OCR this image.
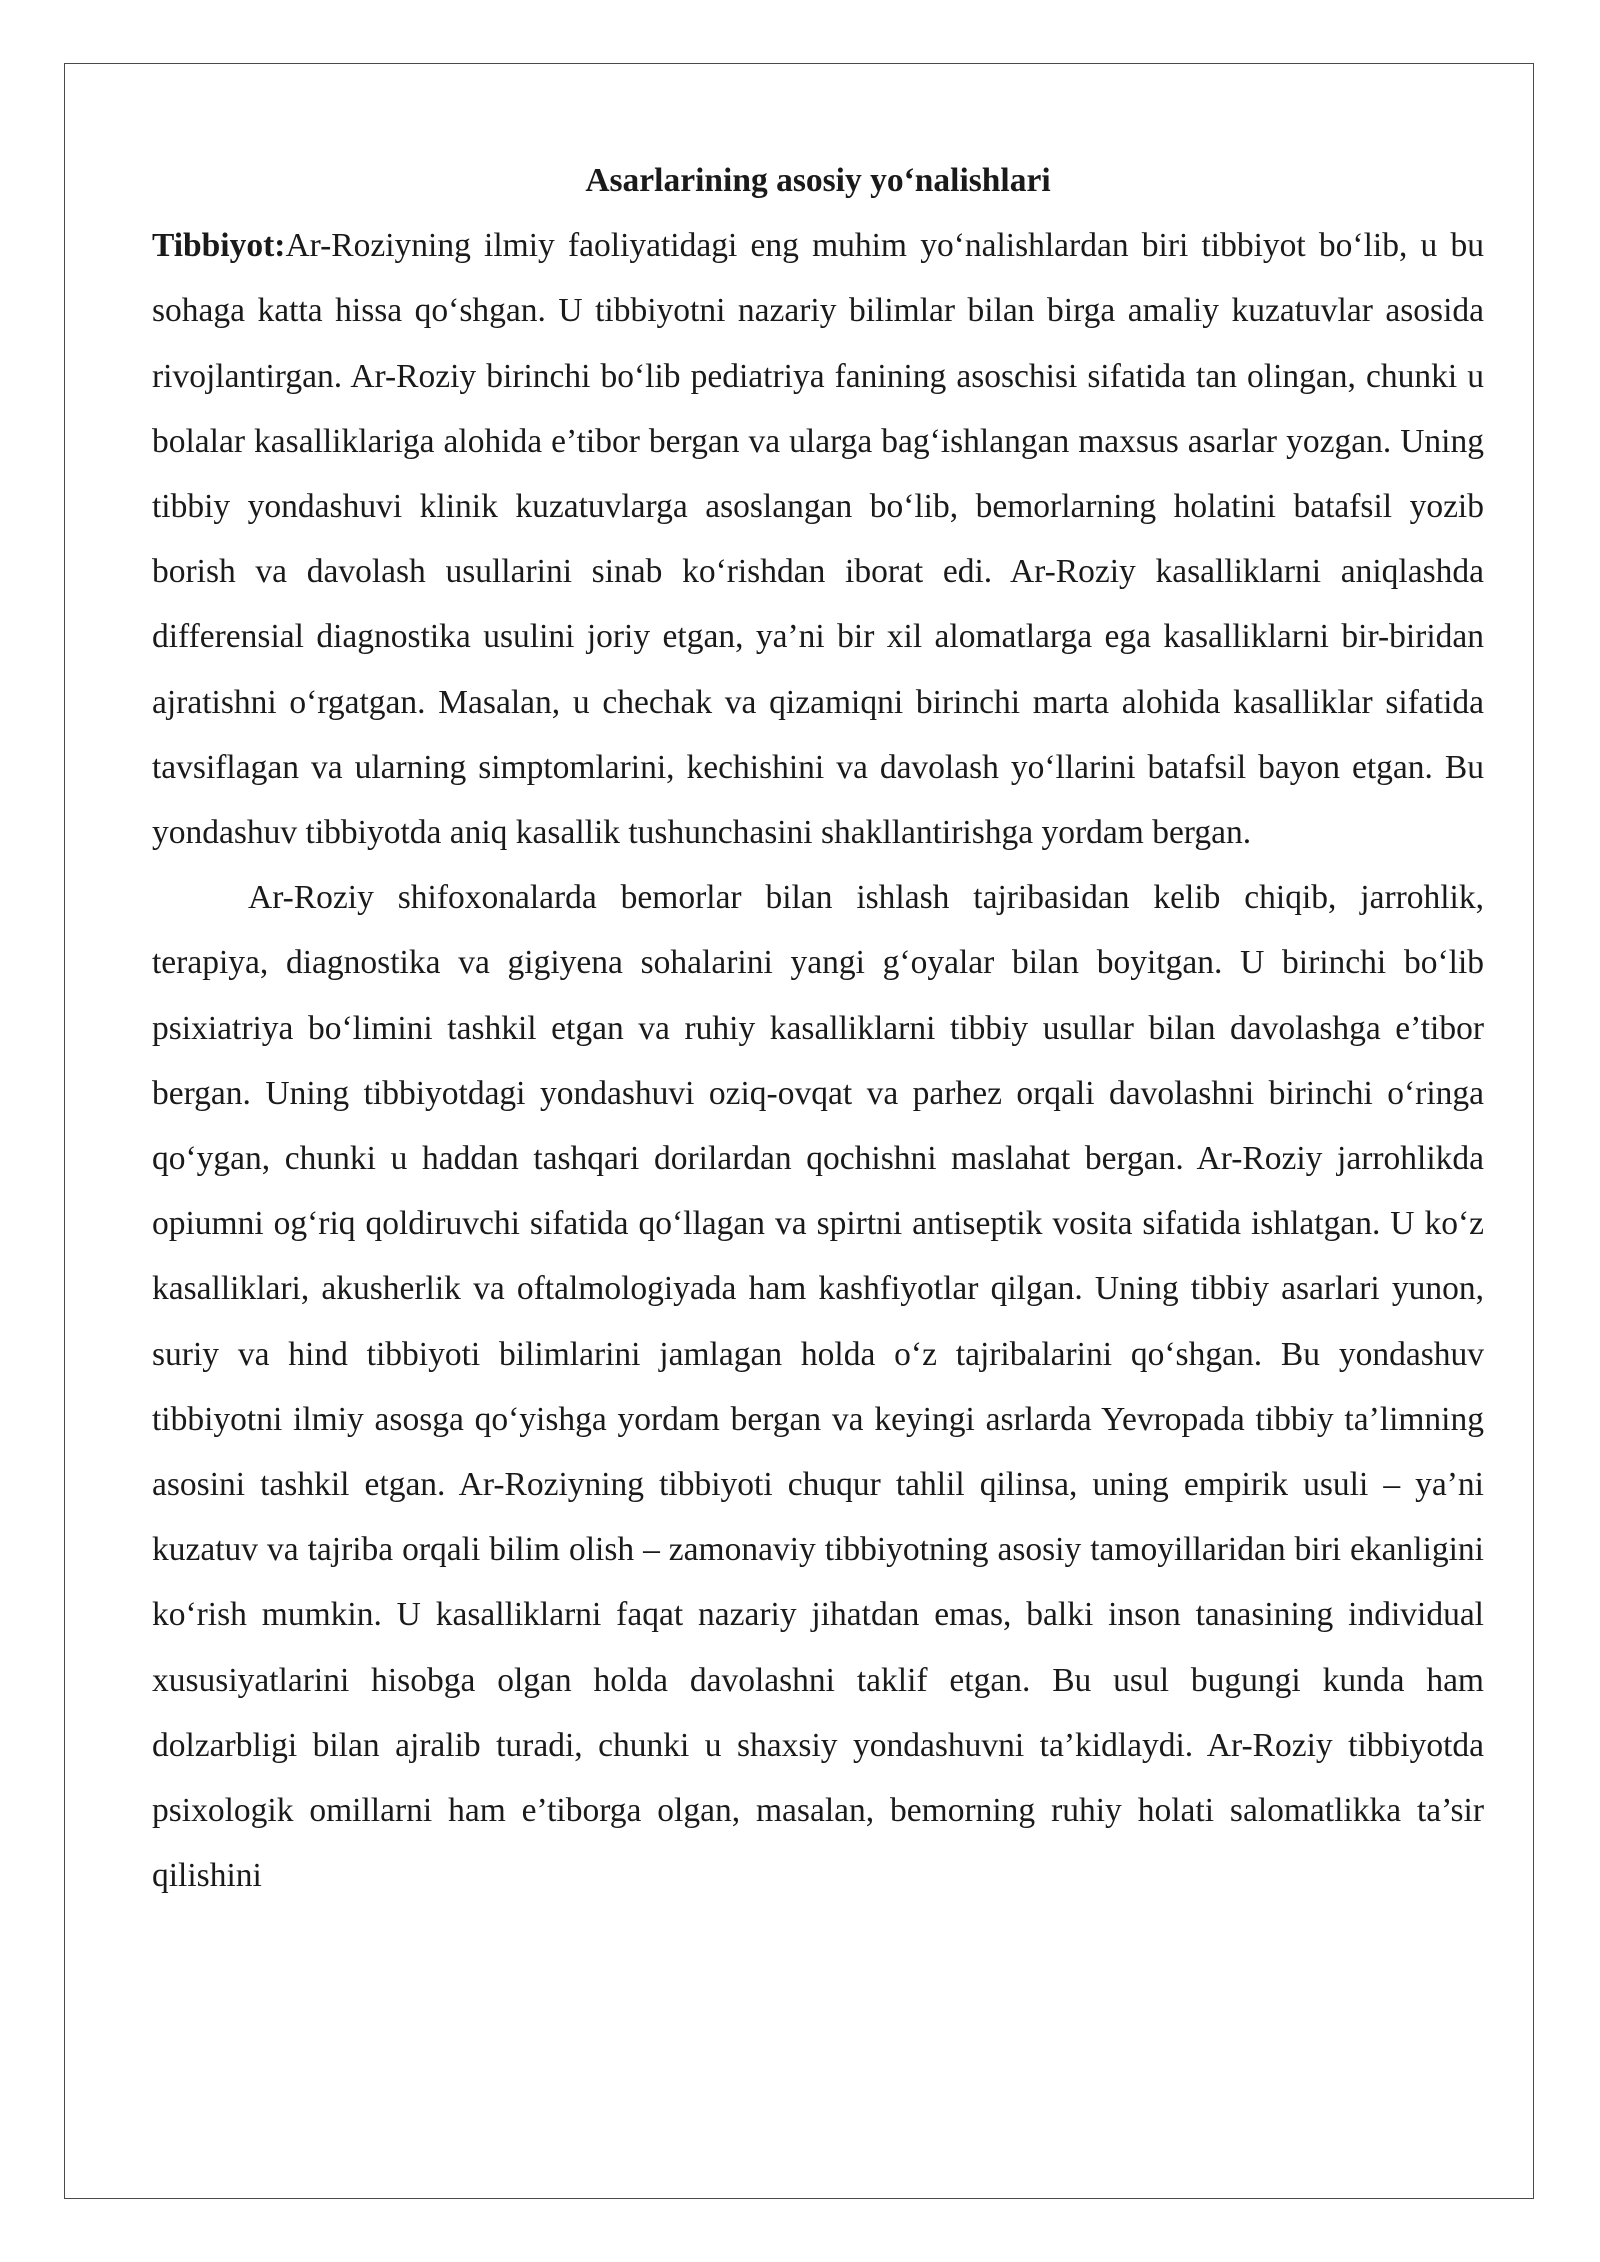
Asarlarining asosiy yo‘nalishlari

Tibbiyot:Ar-Roziyning ilmiy faoliyatidagi eng muhim yo‘nalishlardan biri tibbiyot bo‘lib, u bu sohaga katta hissa qo‘shgan. U tibbiyotni nazariy bilimlar bilan birga amaliy kuzatuvlar asosida rivojlantirgan. Ar-Roziy birinchi bo‘lib pediatriya fanining asoschisi sifatida tan olingan, chunki u bolalar kasalliklariga alohida e’tibor bergan va ularga bag‘ishlangan maxsus asarlar yozgan. Uning tibbiy yondashuvi klinik kuzatuvlarga asoslangan bo‘lib, bemorlarning holatini batafsil yozib borish va davolash usullarini sinab ko‘rishdan iborat edi. Ar-Roziy kasalliklarni aniqlashda differensial diagnostika usulini joriy etgan, ya’ni bir xil alomatlarga ega kasalliklarni bir-biridan ajratishni o‘rgatgan. Masalan, u chechak va qizamiqni birinchi marta alohida kasalliklar sifatida tavsiflagan va ularning simptomlarini, kechishini va davolash yo‘llarini batafsil bayon etgan. Bu yondashuv tibbiyotda aniq kasallik tushunchasini shakllantirishga yordam bergan.

Ar-Roziy shifoxonalarda bemorlar bilan ishlash tajribasidan kelib chiqib, jarrohlik, terapiya, diagnostika va gigiyena sohalarini yangi g‘oyalar bilan boyitgan. U birinchi bo‘lib psixiatriya bo‘limini tashkil etgan va ruhiy kasalliklarni tibbiy usullar bilan davolashga e’tibor bergan. Uning tibbiyotdagi yondashuvi oziq-ovqat va parhez orqali davolashni birinchi o‘ringa qo‘ygan, chunki u haddan tashqari dorilardan qochishni maslahat bergan. Ar-Roziy jarrohlikda opiumni og‘riq qoldiruvchi sifatida qo‘llagan va spirtni antiseptik vosita sifatida ishlatgan. U ko‘z kasalliklari, akusherlik va oftalmologiyada ham kashfiyotlar qilgan. Uning tibbiy asarlari yunon, suriy va hind tibbiyoti bilimlarini jamlagan holda o‘z tajribalarini qo‘shgan. Bu yondashuv tibbiyotni ilmiy asosga qo‘yishga yordam bergan va keyingi asrlarda Yevropada tibbiy ta’limning asosini tashkil etgan. Ar-Roziyning tibbiyoti chuqur tahlil qilinsa, uning empirik usuli – ya’ni kuzatuv va tajriba orqali bilim olish – zamonaviy tibbiyotning asosiy tamoyillaridan biri ekanligini ko‘rish mumkin. U kasalliklarni faqat nazariy jihatdan emas, balki inson tanasining individual xususiyatlarini hisobga olgan holda davolashni taklif etgan. Bu usul bugungi kunda ham dolzarbligi bilan ajralib turadi, chunki u shaxsiy yondashuvni ta’kidlaydi. Ar-Roziy tibbiyotda psixologik omillarni ham e’tiborga olgan, masalan, bemorning ruhiy holati salomatlikka ta’sir qilishini
